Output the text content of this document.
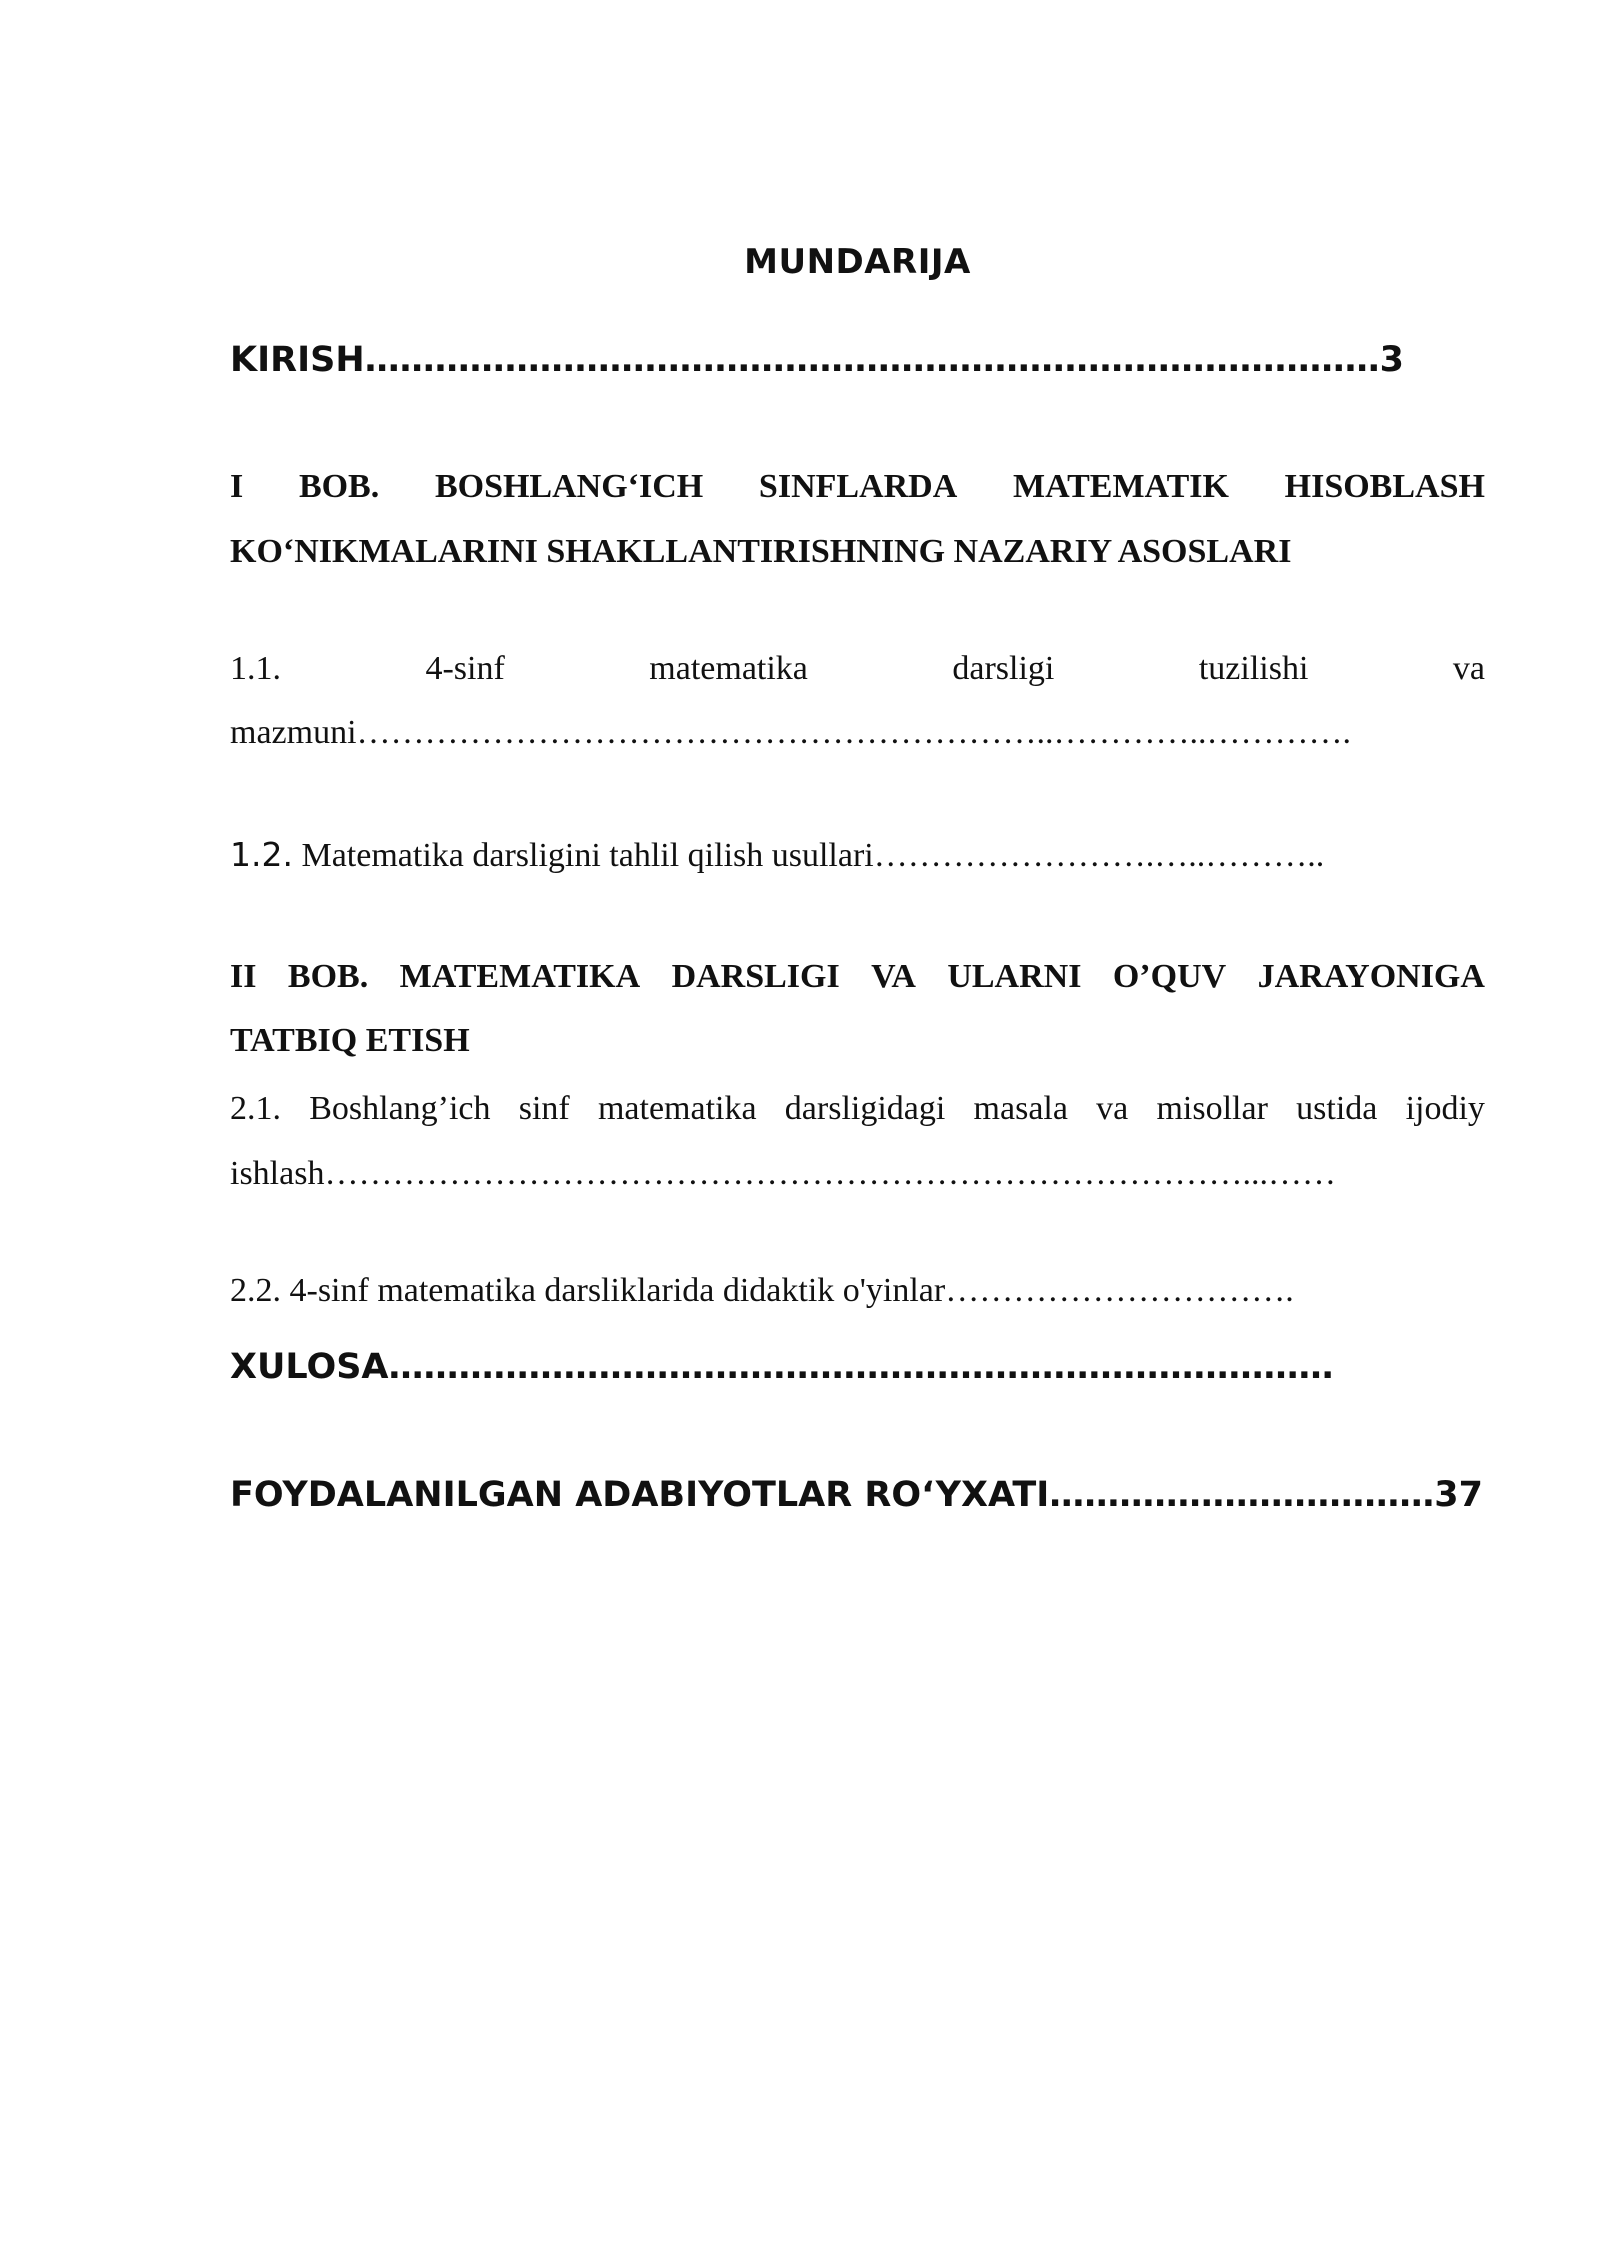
MUNDARIJA
KIRISH……………………………………………………………………………3
I BOB. BOSHLANG‘ICH SINFLARDA MATEMATIK HISOBLASH
KO‘NIKMALARINI SHAKLLANTIRISHNING NAZARIY ASOSLARI
1.1.	4-sinf	matematika	darsligi	tuzilishi	va
mazmuni……………………………………………………..…………..………….
1.2. Matematika darsligini tahlil qilish usullari…………………….…..………..
II BOB. MATEMATIKA DARSLIGI VA ULARNI O’QUV JARAYONIGA
TATBIQ ETISH
2.1. Boshlang’ich sinf matematika darsligidagi masala va misollar ustida ijodiy
ishlash………………………………………………………………………...……
2.2. 4-sinf matematika darsliklarida didaktik o'yinlar………………………….
XULOSA………………………………………………………………………
FOYDALANILGAN ADABIYOTLAR RO‘YXATI……………………………37
